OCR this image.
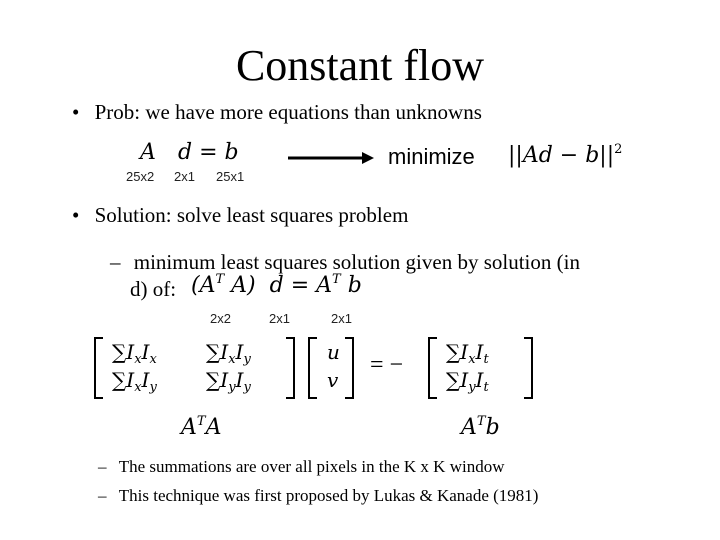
Constant flow
• Prob: we have more equations than unknowns
A d = b
25x2 2x1 25x1
minimize $||Ad - b||^2$
• Solution: solve least squares problem
– minimum least squares solution given by solution (in
d) of: ($A^T$ A) $d = A^T$ b
2x2	2x1	2x1
$\sum I_xI_x$ $\sum I_xI_y$
$\sum I_xI_y$ $\sum I_yI_y$
u
v
= − $\sum I_xI_t$
$\sum I_yI_t$
$A^TA$	$A^Tb$
– The summations are over all pixels in the K x K window
– This technique was first proposed by Lukas & Kanade (1981)
